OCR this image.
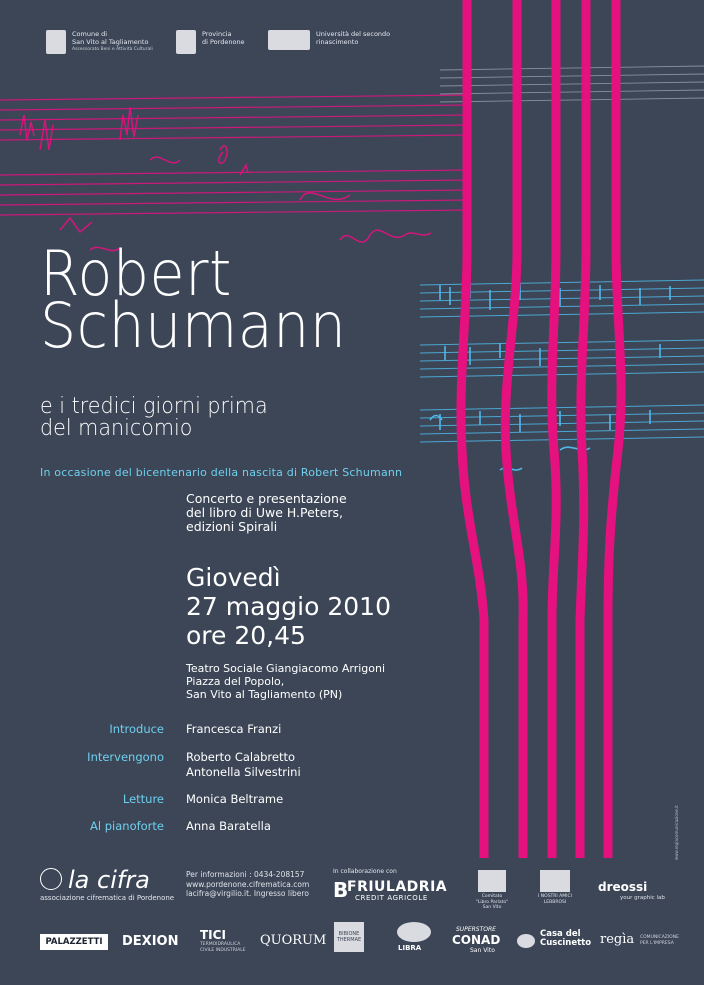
Comune di
San Vito al Tagliamento
Assessorato Beni e Attività Culturali
Provincia
di Pordenone
Università del secondo
rinascimento
Robert
Schumann
e i tredici giorni prima
del manicomio
In occasione del bicentenario della nascita di Robert Schumann
Concerto e presentazione
del libro di Uwe H.Peters,
edizioni Spirali
Giovedì
27 maggio 2010
ore 20,45
Teatro Sociale Giangiacomo Arrigoni
Piazza del Popolo,
San Vito al Tagliamento (PN)
Introduce Francesca Franzi
Intervengono Roberto Calabretto
Antonella Silvestrini
Letture Monica Beltrame
Al pianoforte Anna Baratella	www.regiacomunicazione.it
la cifra
associazione cifrematica di Pordenone
Per informazioni : 0434-208157
www.pordenone.cifrematica.com
lacifra@virgilio.it. Ingresso libero
In collaborazione con
B
FRIULADRIA
CREDIT AGRICOLE	Comitato
"Libro Parlato"
San Vito
I NOSTRI AMICI
LEBBROSI
dreossi
your graphic lab
PALAZZETTI	DEXION TICI
TERMOIDRAULICA
CIVILE INDUSTRIALE
QUORUM	BIBIONE THERMAE
LIBRA
SUPERSTORE
CONAD
San Vito
Casa del
Cuscinetto regìa COMUNICAZIONE
PER L'IMPRESA
